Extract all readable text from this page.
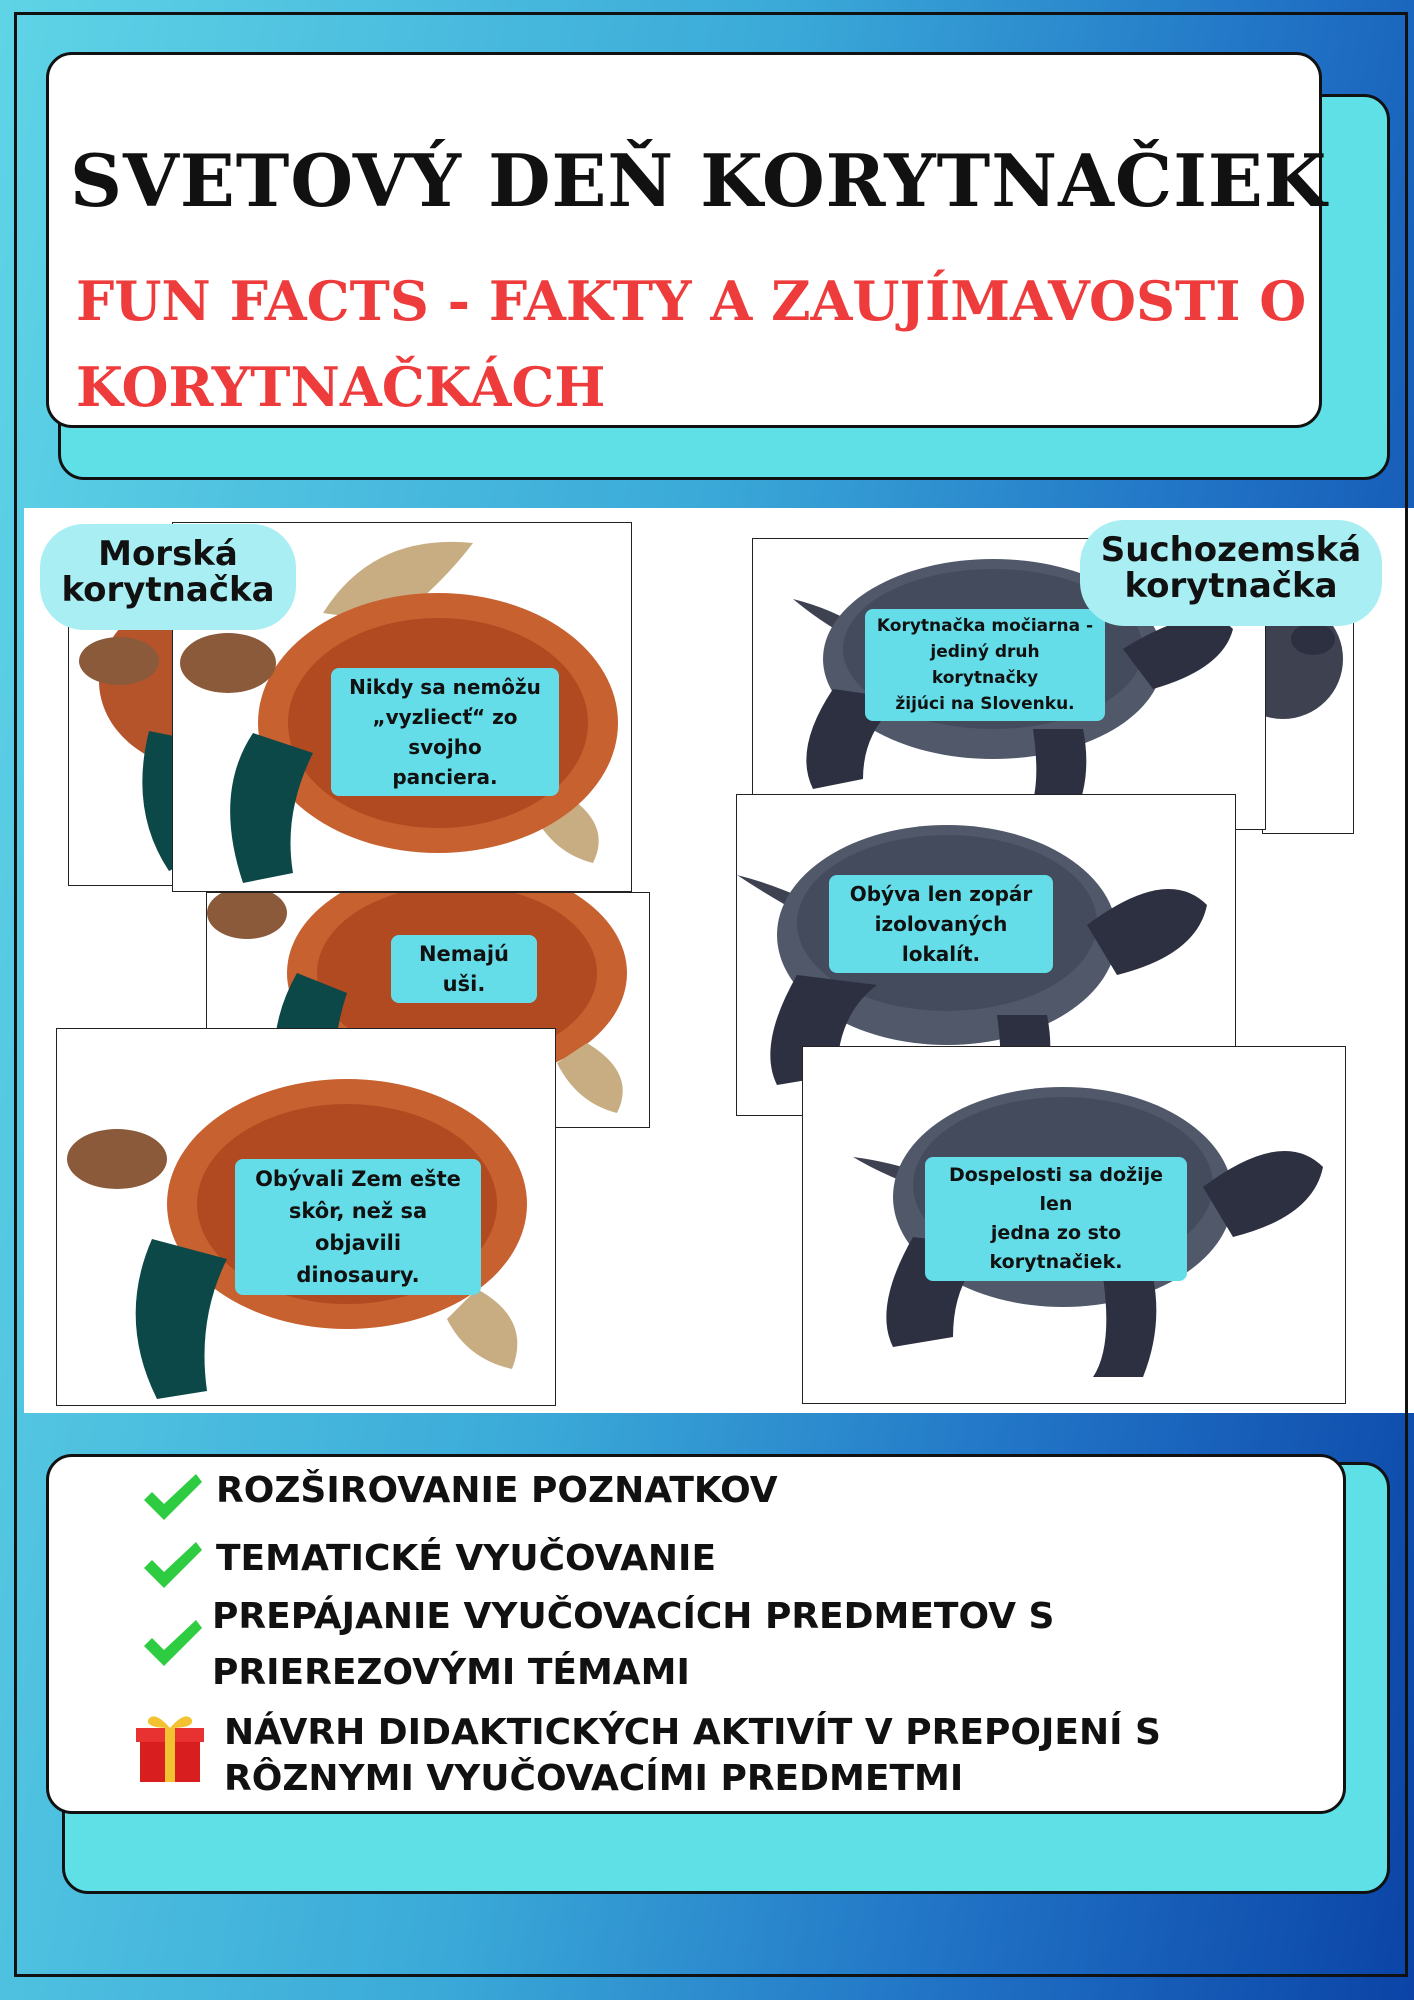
SVETOVÝ DEŇ KORYTNAČIEK
FUN FACTS - FAKTY A ZAUJÍMAVOSTI O
KORYTNAČKÁCH
Nikdy sa nemôžu
„vyzliecť“ zo svojho
panciera.
Nemajú uši.
Obývali Zem ešte
skôr, než sa objavili
dinosaury.
Morská
korytnačka
Korytnačka močiarna -
jediný druh korytnačky
žijúci na Slovenku.
Obýva len zopár
izolovaných lokalít.
Dospelosti sa dožije len
jedna zo sto
korytnačiek.
Suchozemská
korytnačka
ROZŠIROVANIE POZNATKOV
TEMATICKÉ VYUČOVANIE
PREPÁJANIE VYUČOVACÍCH PREDMETOV S
PRIEREZOVÝMI TÉMAMI
NÁVRH DIDAKTICKÝCH AKTIVÍT V PREPOJENÍ S
RÔZNYMI VYUČOVACÍMI PREDMETMI
